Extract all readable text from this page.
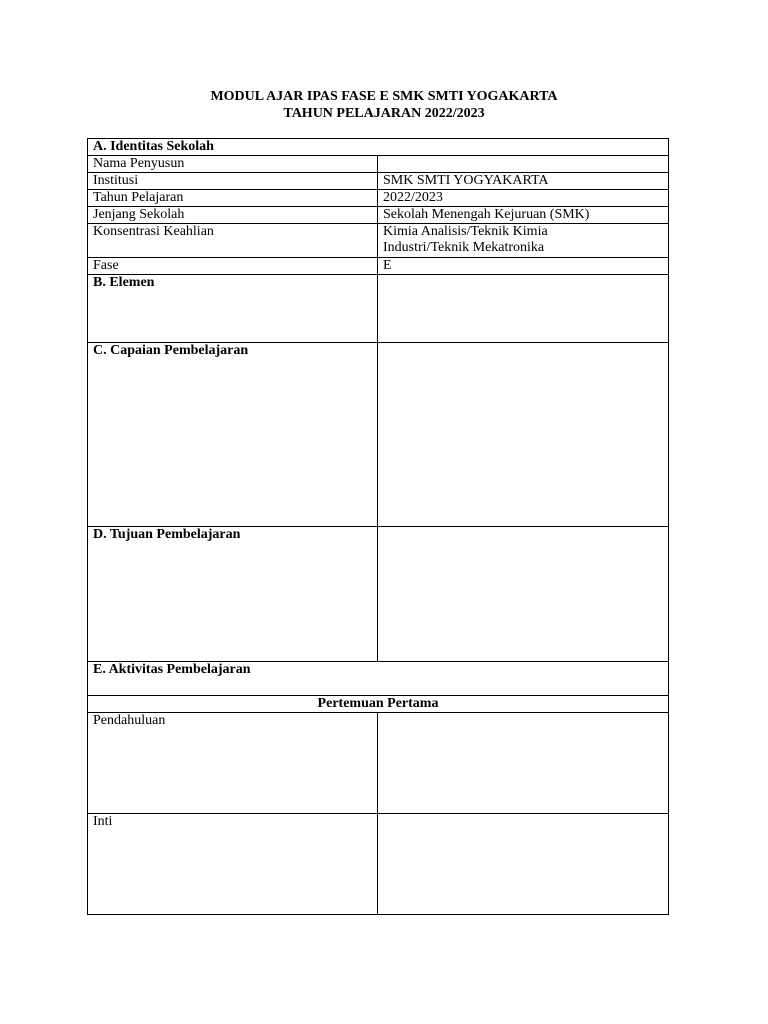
MODUL AJAR IPAS FASE E SMK SMTI YOGAKARTA
TAHUN PELAJARAN 2022/2023
A. Identitas Sekolah	
Nama Penyusun	
Institusi	SMK SMTI YOGYAKARTA
Tahun Pelajaran	2022/2023
Jenjang Sekolah	Sekolah Menengah Kejuruan (SMK)
Konsentrasi Keahlian	Kimia Analisis/Teknik Kimia
Industri/Teknik Mekatronika

Fase	E
B. Elemen	
C. Capaian Pembelajaran	
D. Tujuan Pembelajaran	
E. Aktivitas Pembelajaran	
Pertemuan Pertama	
Pendahuluan	
Inti	
